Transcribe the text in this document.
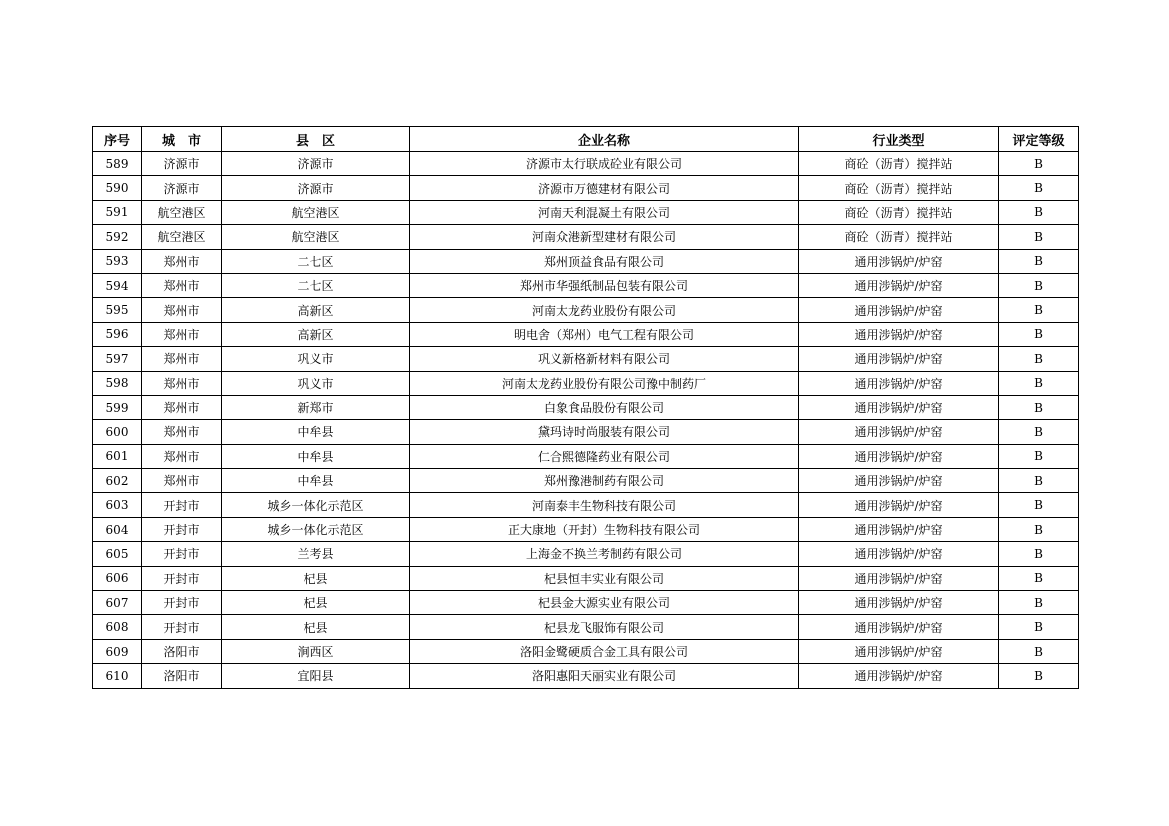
序号	城　市	县　区	企业名称	行业类型	评定等级
589	济源市	济源市	济源市太行联成砼业有限公司	商砼（沥青）搅拌站	B
590	济源市	济源市	济源市万德建材有限公司	商砼（沥青）搅拌站	B
591	航空港区	航空港区	河南天利混凝土有限公司	商砼（沥青）搅拌站	B
592	航空港区	航空港区	河南众港新型建材有限公司	商砼（沥青）搅拌站	B
593	郑州市	二七区	郑州顶益食品有限公司	通用涉锅炉/炉窑	B
594	郑州市	二七区	郑州市华强纸制品包装有限公司	通用涉锅炉/炉窑	B
595	郑州市	高新区	河南太龙药业股份有限公司	通用涉锅炉/炉窑	B
596	郑州市	高新区	明电舍（郑州）电气工程有限公司	通用涉锅炉/炉窑	B
597	郑州市	巩义市	巩义新格新材料有限公司	通用涉锅炉/炉窑	B
598	郑州市	巩义市	河南太龙药业股份有限公司豫中制药厂	通用涉锅炉/炉窑	B
599	郑州市	新郑市	白象食品股份有限公司	通用涉锅炉/炉窑	B
600	郑州市	中牟县	黛玛诗时尚服装有限公司	通用涉锅炉/炉窑	B
601	郑州市	中牟县	仁合熙德隆药业有限公司	通用涉锅炉/炉窑	B
602	郑州市	中牟县	郑州豫港制药有限公司	通用涉锅炉/炉窑	B
603	开封市	城乡一体化示范区	河南泰丰生物科技有限公司	通用涉锅炉/炉窑	B
604	开封市	城乡一体化示范区	正大康地（开封）生物科技有限公司	通用涉锅炉/炉窑	B
605	开封市	兰考县	上海金不换兰考制药有限公司	通用涉锅炉/炉窑	B
606	开封市	杞县	杞县恒丰实业有限公司	通用涉锅炉/炉窑	B
607	开封市	杞县	杞县金大源实业有限公司	通用涉锅炉/炉窑	B
608	开封市	杞县	杞县龙飞服饰有限公司	通用涉锅炉/炉窑	B
609	洛阳市	涧西区	洛阳金鹭硬质合金工具有限公司	通用涉锅炉/炉窑	B
610	洛阳市	宜阳县	洛阳惠阳天丽实业有限公司	通用涉锅炉/炉窑	B
